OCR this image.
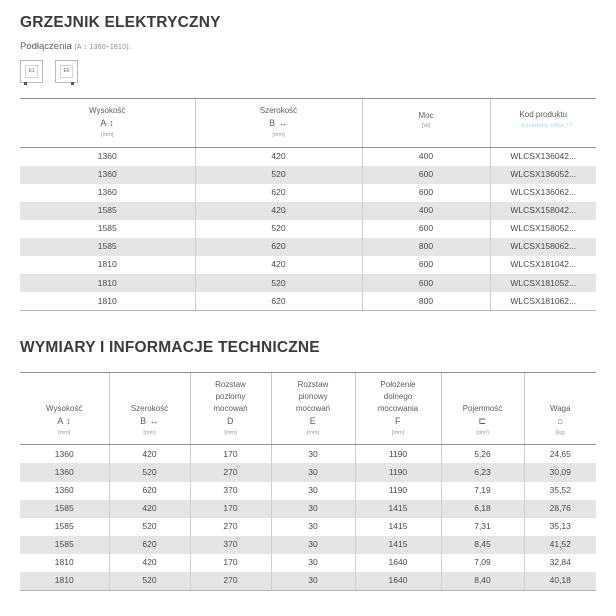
GRZEJNIK ELEKTRYCZNY
Podłączenia (A ↕ 1360÷1810):
E1	E6
Wysokość
A ↕
[mm]

Szerokość
B ↔
[mm]

Moc
[W]

Kod produktu
... Konkretny, infos, !?

1360	420	400	WLCSX136042...
1360	520	600	WLCSX136052...
1360	620	600	WLCSX136062...
1585	420	400	WLCSX158042...
1585	520	600	WLCSX158052...
1585	620	800	WLCSX158062...
1810	420	600	WLCSX181042...
1810	520	600	WLCSX181052...
1810	620	800	WLCSX181062...
WYMIARY I INFORMACJE TECHNICZNE
Wysokość
A ↕
[mm]

Szerokość
B ↔
[mm]

Rozstaw
poziomy
mocowań
D
[mm]

Rozstaw
pionowy
mocowań
E
[mm]

Położenie
dolnego
mocowania
F
[mm]

Pojemność
⊏
[dm³]

Waga
⌂
[kg]

1360	420	170	30	1190	5,26	24,65
1360	520	270	30	1190	6,23	30,09
1360	620	370	30	1190	7,19	35,52
1585	420	170	30	1415	6,18	28,76
1585	520	270	30	1415	7,31	35,13
1585	620	370	30	1415	8,45	41,52
1810	420	170	30	1640	7,09	32,84
1810	520	270	30	1640	8,40	40,18
